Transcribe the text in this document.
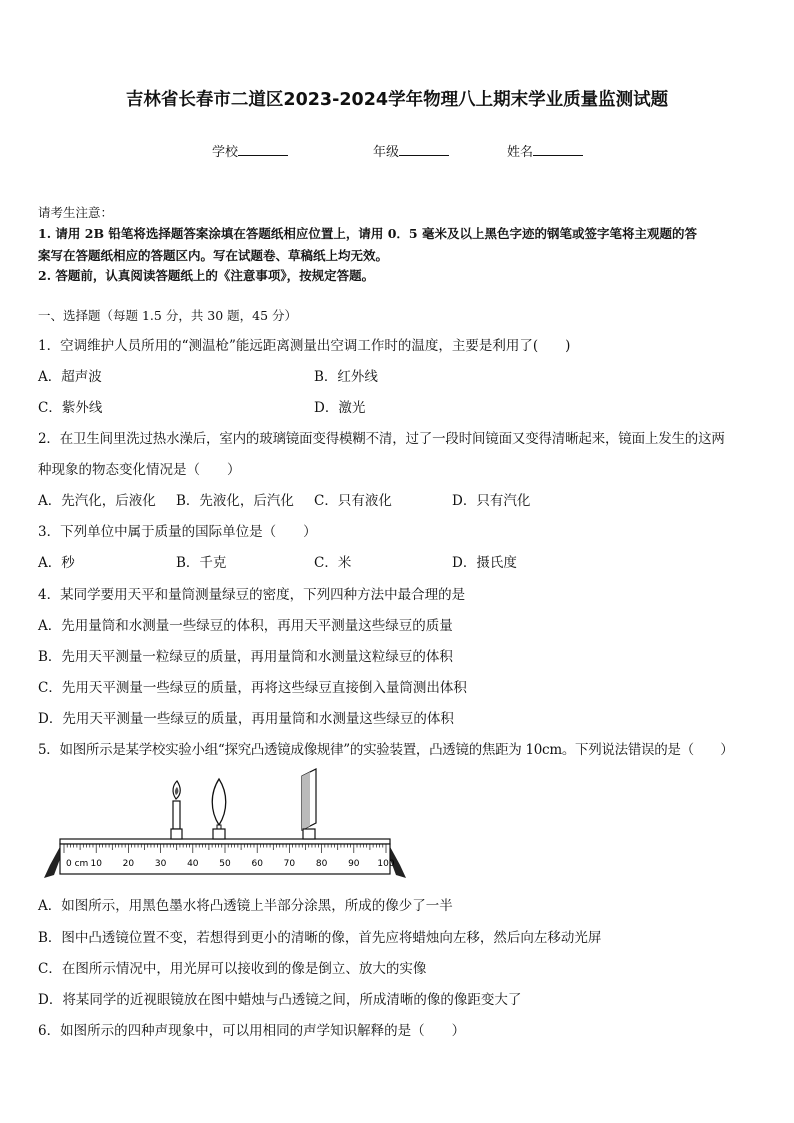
吉林省长春市二道区2023-2024学年物理八上期末学业质量监测试题
学校	年级	姓名
请考生注意：
1. 请用 2B 铅笔将选择题答案涂填在答题纸相应位置上，请用 0．5 毫米及以上黑色字迹的钢笔或签字笔将主观题的答
案写在答题纸相应的答题区内。写在试题卷、草稿纸上均无效。
2. 答题前，认真阅读答题纸上的《注意事项》，按规定答题。
一、选择题（每题 1.5 分，共 30 题，45 分）
1．空调维护人员所用的“测温枪”能远距离测量出空调工作时的温度，主要是利用了(　　)
A．超声波	B．红外线
C．紫外线	D．激光
2．在卫生间里洗过热水澡后，室内的玻璃镜面变得模糊不清，过了一段时间镜面又变得清晰起来，镜面上发生的这两
种现象的物态变化情况是（　　）
A．先汽化，后液化 B．先液化，后汽化 C．只有液化	D．只有汽化
3．下列单位中属于质量的国际单位是（　　）
A．秒	B．千克	C．米	D．摄氏度
4．某同学要用天平和量筒测量绿豆的密度，下列四种方法中最合理的是
A．先用量筒和水测量一些绿豆的体积，再用天平测量这些绿豆的质量
B．先用天平测量一粒绿豆的质量，再用量筒和水测量这粒绿豆的体积
C．先用天平测量一些绿豆的质量，再将这些绿豆直接倒入量筒测出体积
D．先用天平测量一些绿豆的质量，再用量筒和水测量这些绿豆的体积
5．如图所示是某学校实验小组“探究凸透镜成像规律”的实验装置，凸透镜的焦距为 10cm。下列说法错误的是（　　）
0 cm 10 20 30 40 50 60 70 80 90 100
A．如图所示，用黑色墨水将凸透镜上半部分涂黑，所成的像少了一半
B．图中凸透镜位置不变，若想得到更小的清晰的像，首先应将蜡烛向左移，然后向左移动光屏
C．在图所示情况中，用光屏可以接收到的像是倒立、放大的实像
D．将某同学的近视眼镜放在图中蜡烛与凸透镜之间，所成清晰的像的像距变大了
6．如图所示的四种声现象中，可以用相同的声学知识解释的是（　　）
